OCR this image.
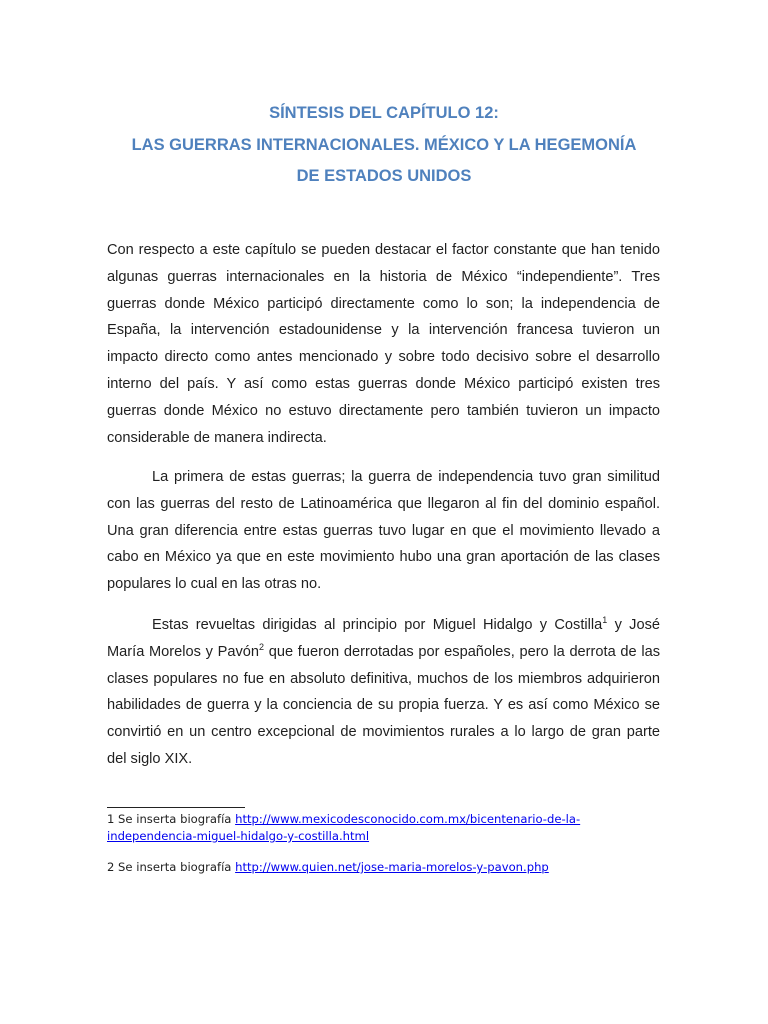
SÍNTESIS DEL CAPÍTULO 12:
LAS GUERRAS INTERNACIONALES. MÉXICO Y LA HEGEMONÍA
DE ESTADOS UNIDOS

Con respecto a este capítulo se pueden destacar el factor constante que han tenido algunas guerras internacionales en la historia de México “independiente”. Tres guerras donde México participó directamente como lo son; la independencia de España, la intervención estadounidense y la intervención francesa tuvieron un impacto directo como antes mencionado y sobre todo decisivo sobre el desarrollo interno del país. Y así como estas guerras donde México participó existen tres guerras donde México no estuvo directamente pero también tuvieron un impacto considerable de manera indirecta.

La primera de estas guerras; la guerra de independencia tuvo gran similitud con las guerras del resto de Latinoamérica que llegaron al fin del dominio español. Una gran diferencia entre estas guerras tuvo lugar en que el movimiento llevado a cabo en México ya que en este movimiento hubo una gran aportación de las clases populares lo cual en las otras no.

Estas revueltas dirigidas al principio por Miguel Hidalgo y Costilla$^1$ y José María Morelos y Pavón$^2$ que fueron derrotadas por españoles, pero la derrota de las clases populares no fue en absoluto definitiva, muchos de los miembros adquirieron habilidades de guerra y la conciencia de su propia fuerza. Y es así como México se convirtió en un centro excepcional de movimientos rurales a lo largo de gran parte del siglo XIX.

1 Se inserta biografía http://www.mexicodesconocido.com.mx/bicentenario-de-la-independencia-miguel-hidalgo-y-costilla.html
2 Se inserta biografía http://www.quien.net/jose-maria-morelos-y-pavon.php
